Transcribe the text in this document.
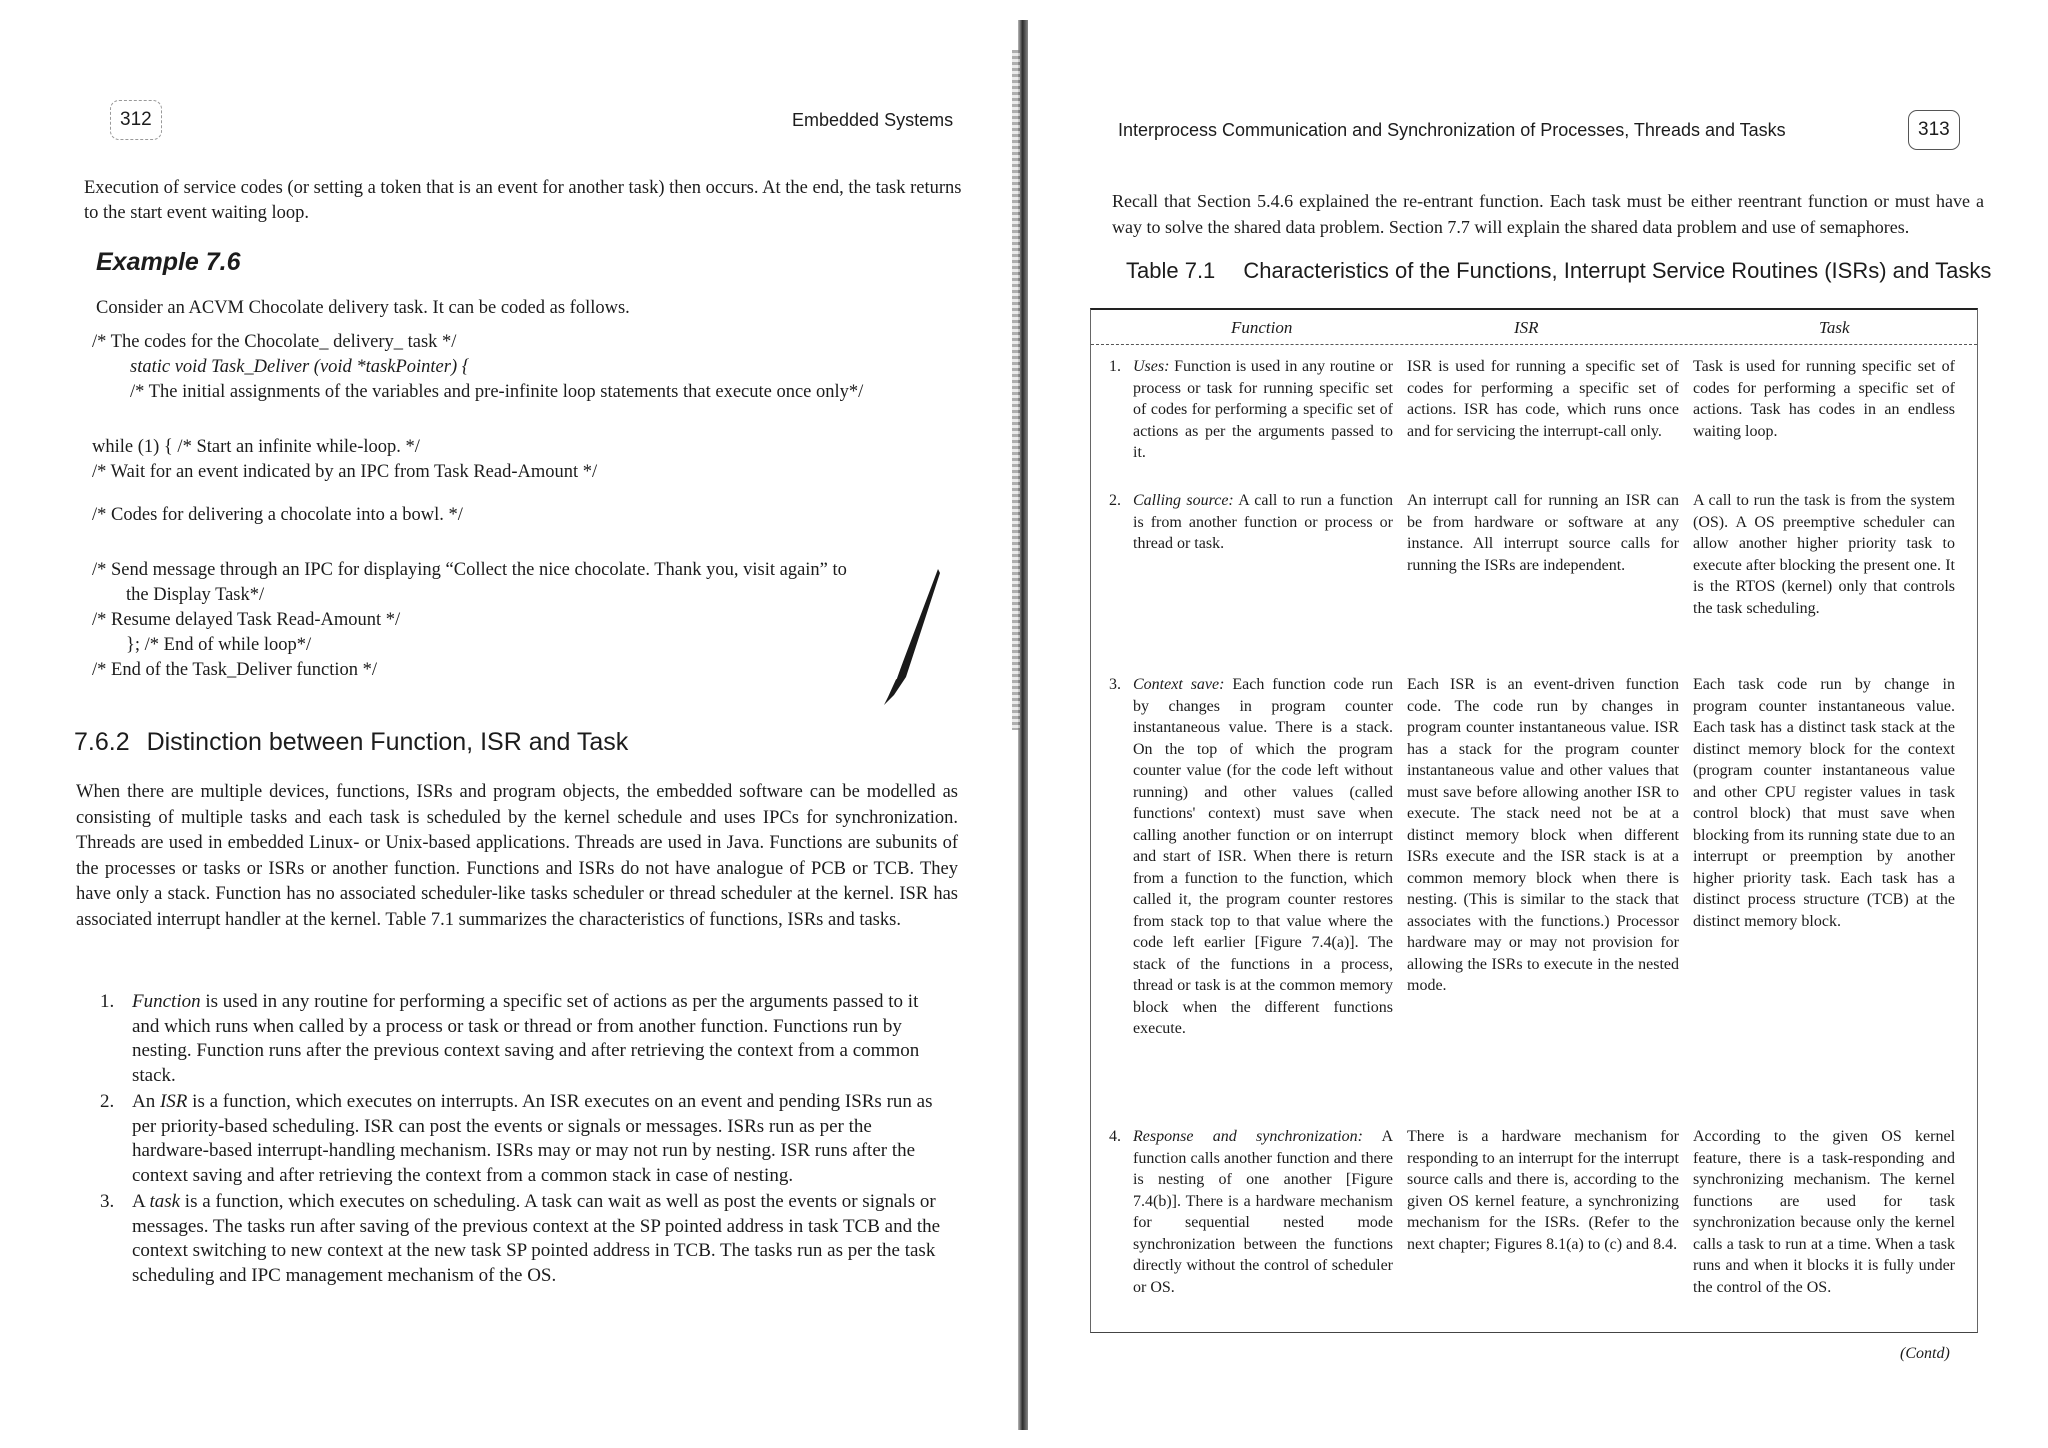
312	Embedded Systems
Execution of service codes (or setting a token that is an event for another task) then occurs. At the end, the task returns to the start event waiting loop.
Example 7.6
Consider an ACVM Chocolate delivery task. It can be coded as follows.
/* The codes for the Chocolate_ delivery_ task */
static void Task_Deliver (void *taskPointer) {
/* The initial assignments of the variables and pre-infinite loop statements that execute once only*/
while (1) { /* Start an infinite while-loop. */
/* Wait for an event indicated by an IPC from Task Read-Amount */
/* Codes for delivering a chocolate into a bowl. */
/* Send message through an IPC for displaying “Collect the nice chocolate. Thank you, visit again” to
the Display Task*/
/* Resume delayed Task Read-Amount */
}; /* End of while loop*/
/* End of the Task_Deliver function */
7.6.2 Distinction between Function, ISR and Task
When there are multiple devices, functions, ISRs and program objects, the embedded software can be modelled as consisting of multiple tasks and each task is scheduled by the kernel schedule and uses IPCs for synchronization. Threads are used in embedded Linux- or Unix-based applications. Threads are used in Java. Functions are subunits of the processes or tasks or ISRs or another function. Functions and ISRs do not have analogue of PCB or TCB. They have only a stack. Function has no associated scheduler-like tasks scheduler or thread scheduler at the kernel. ISR has associated interrupt handler at the kernel. Table 7.1 summarizes the characteristics of functions, ISRs and tasks.
1. Function is used in any routine for performing a specific set of actions as per the arguments passed to it and which runs when called by a process or task or thread or from another function. Functions run by nesting. Function runs after the previous context saving and after retrieving the context from a common stack.
2. An ISR is a function, which executes on interrupts. An ISR executes on an event and pending ISRs run as per priority-based scheduling. ISR can post the events or signals or messages. ISRs run as per the hardware-based interrupt-handling mechanism. ISRs may or may not run by nesting. ISR runs after the context saving and after retrieving the context from a common stack in case of nesting.
3. A task is a function, which executes on scheduling. A task can wait as well as post the events or signals or messages. The tasks run after saving of the previous context at the SP pointed address in task TCB and the context switching to new context at the new task SP pointed address in TCB. The tasks run as per the task scheduling and IPC management mechanism of the OS.
Interprocess Communication and Synchronization of Processes, Threads and Tasks	313
Recall that Section 5.4.6 explained the re-entrant function. Each task must be either reentrant function or must have a way to solve the shared data problem. Section 7.7 will explain the shared data problem and use of semaphores.
Table 7.1 Characteristics of the Functions, Interrupt Service Routines (ISRs) and Tasks
Function	ISR	Task
1. Uses: Function is used in any routine or process or task for running specific set of codes for performing a specific set of actions as per the arguments passed to it.
ISR is used for running a specific set of codes for performing a specific set of actions. ISR has code, which runs once and for servicing the interrupt-call only.
Task is used for running specific set of codes for performing a specific set of actions. Task has codes in an endless waiting loop.
2. Calling source: A call to run a function is from another function or process or thread or task.
An interrupt call for running an ISR can be from hardware or software at any instance. All interrupt source calls for running the ISRs are independent.
A call to run the task is from the system (OS). A OS preemptive scheduler can allow another higher priority task to execute after blocking the present one. It is the RTOS (kernel) only that controls the task scheduling.
3. Context save: Each function code run by changes in program counter instantaneous value. There is a stack. On the top of which the program counter value (for the code left without running) and other values (called functions' context) must save when calling another function or on interrupt and start of ISR. When there is return from a function to the function, which called it, the program counter restores from stack top to that value where the code left earlier [Figure 7.4(a)]. The stack of the functions in a process, thread or task is at the common memory block when the different functions execute.
Each ISR is an event-driven function code. The code run by changes in program counter instantaneous value. ISR has a stack for the program counter instantaneous value and other values that must save before allowing another ISR to execute. The stack need not be at a distinct memory block when different ISRs execute and the ISR stack is at a common memory block when there is nesting. (This is similar to the stack that associates with the functions.) Processor hardware may or may not provision for allowing the ISRs to execute in the nested mode.
Each task code run by change in program counter instantaneous value. Each task has a distinct task stack at the distinct memory block for the context (program counter instantaneous value and other CPU register values in task control block) that must save when blocking from its running state due to an interrupt or preemption by another higher priority task. Each task has a distinct process structure (TCB) at the distinct memory block.
4. Response and synchronization: A function calls another function and there is nesting of one another [Figure 7.4(b)]. There is a hardware mechanism for sequential nested mode synchronization between the functions directly without the control of scheduler or OS.
There is a hardware mechanism for responding to an interrupt for the interrupt source calls and there is, according to the given OS kernel feature, a synchronizing mechanism for the ISRs. (Refer to the next chapter; Figures 8.1(a) to (c) and 8.4.
According to the given OS kernel feature, there is a task-responding and synchronizing mechanism. The kernel functions are used for task synchronization because only the kernel calls a task to run at a time. When a task runs and when it blocks it is fully under the control of the OS.
(Contd)
